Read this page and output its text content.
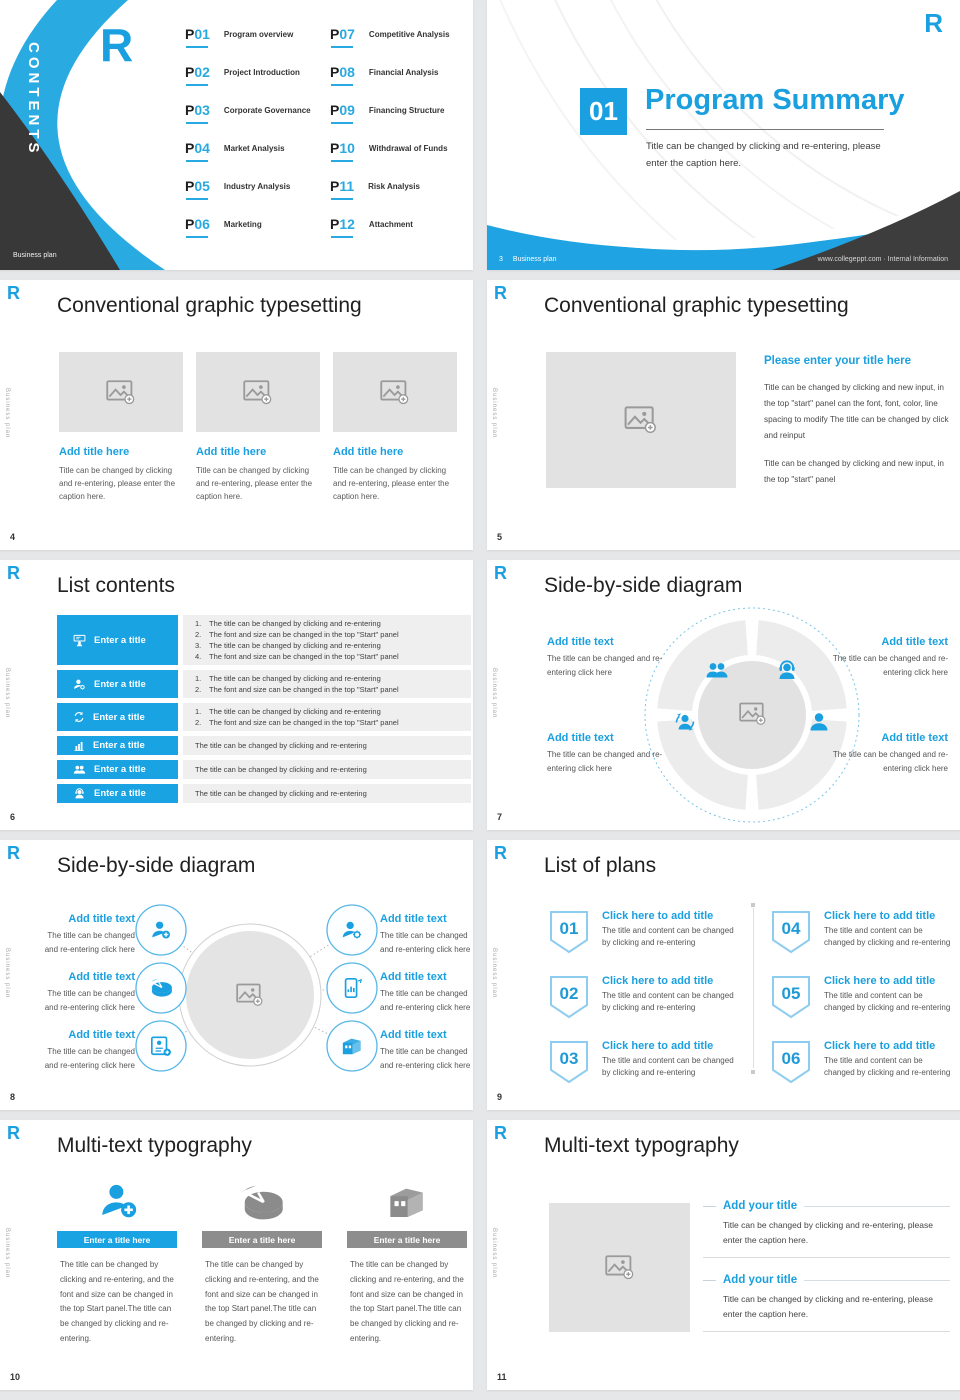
CONTENTS R	P 01 Program overview
P 02 Project Introduction
P 03 Corporate Governance
P 04 Market Analysis
P 05 Industry Analysis
P 06 Marketing
P 07 Competitive Analysis
P 08 Financial Analysis
P 09 Financing Structure
P 10 Withdrawal of Funds
P 11 Risk Analysis
P 12 Attachment
Business plan
R
01 Program Summary
Title can be changed by clicking and re-entering, please enter the caption here.
3 Business plan	www.collegeppt.com · Internal Information
R
Business plan
Conventional graphic typesetting
Add title here
Title can be changed by clicking and re-entering, please enter the caption here.
Add title here
Title can be changed by clicking and re-entering, please enter the caption here.
Add title here
Title can be changed by clicking and re-entering, please enter the caption here.
4
R
Business plan
Conventional graphic typesetting
Please enter your title here
Title can be changed by clicking and new input, in the top "start" panel can the font, font, color, line spacing to modify The title can be changed by click and reinput
Title can be changed by clicking and new input, in the top "start" panel
5
R
Business plan
List contents
Enter a title
1.	The title can be changed by clicking and re-entering
2.	The font and size can be changed in the top "Start" panel
3.	The title can be changed by clicking and re-entering
4.	The font and size can be changed in the top "Start" panel
Enter a title
1.	The title can be changed by clicking and re-entering
2.	The font and size can be changed in the top "Start" panel
Enter a title
1.	The title can be changed by clicking and re-entering
2.	The font and size can be changed in the top "Start" panel
Enter a title	The title can be changed by clicking and re-entering
Enter a title	The title can be changed by clicking and re-entering
Enter a title	The title can be changed by clicking and re-entering
6
R
Business plan
Side-by-side diagram
Add title text
The title can be changed and re-entering click here
Add title text
The title can be changed and re-entering click here
Add title text
The title can be changed and re-entering click here
Add title text
The title can be changed and re-entering click here
7
R
Business plan
Side-by-side diagram
Add title text
The title can be changed and re-entering click here
Add title text
The title can be changed and re-entering click here
Add title text
The title can be changed and re-entering click here
Add title text
The title can be changed and re-entering click here
Add title text
The title can be changed and re-entering click here
Add title text
The title can be changed and re-entering click here
8
R
Business plan
List of plans
01
Click here to add title
The title and content can be changed by clicking and re-entering
02
Click here to add title
The title and content can be changed by clicking and re-entering
03
Click here to add title
The title and content can be changed by clicking and re-entering
04
Click here to add title
The title and content can be changed by clicking and re-entering
05
Click here to add title
The title and content can be changed by clicking and re-entering
06
Click here to add title
The title and content can be changed by clicking and re-entering
9
R
Business plan
Multi-text typography
Enter a title here	Enter a title here	Enter a title here
The title can be changed by clicking and re-entering, and the font and size can be changed in the top Start panel.The title can be changed by clicking and re-entering.
The title can be changed by clicking and re-entering, and the font and size can be changed in the top Start panel.The title can be changed by clicking and re-entering.
The title can be changed by clicking and re-entering, and the font and size can be changed in the top Start panel.The title can be changed by clicking and re-entering.
10
R
Business plan
Multi-text typography
Add your title
Title can be changed by clicking and re-entering, please enter the caption here.
Add your title
Title can be changed by clicking and re-entering, please enter the caption here.
11
